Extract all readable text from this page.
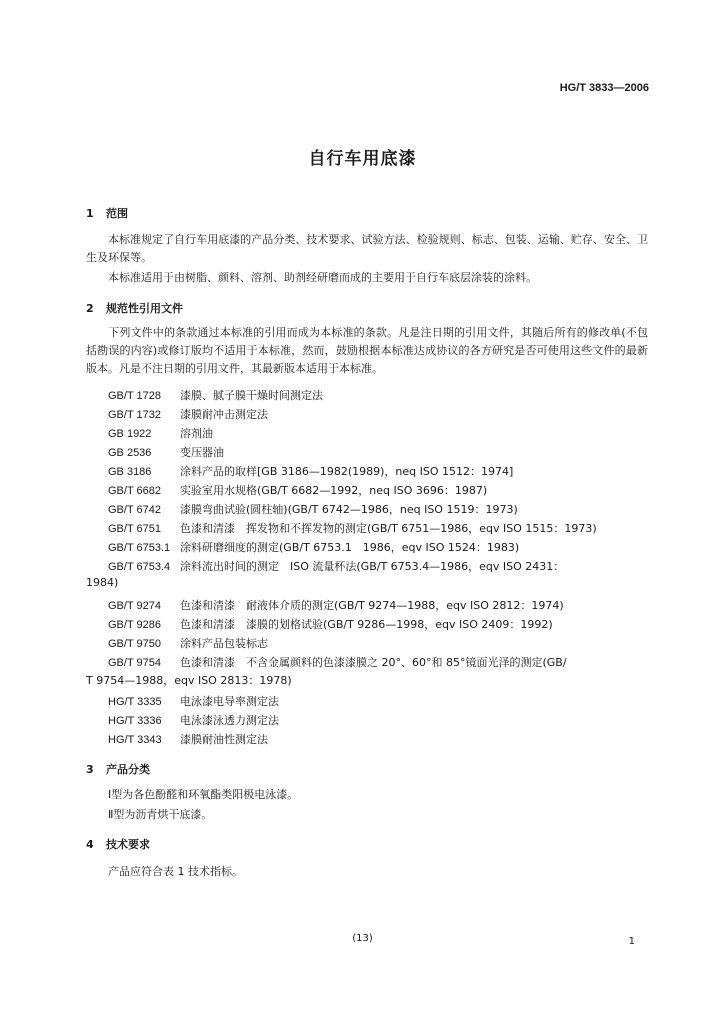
HG/T 3833—2006
自行车用底漆
1 范围
本标准规定了自行车用底漆的产品分类、技术要求、试验方法、检验规则、标志、包装、运输、贮存、安全、卫生及环保等。
本标准适用于由树脂、颜料、溶剂、助剂经研磨而成的主要用于自行车底层涂装的涂料。
2 规范性引用文件
下列文件中的条款通过本标准的引用而成为本标准的条款。凡是注日期的引用文件，其随后所有的修改单(不包括勘误的内容)或修订版均不适用于本标准，然而，鼓励根据本标准达成协议的各方研究是否可使用这些文件的最新版本。凡是不注日期的引用文件，其最新版本适用于本标准。
GB/T 1728 漆膜、腻子膜干燥时间测定法
GB/T 1732 漆膜耐冲击测定法
GB 1922	溶剂油
GB 2536	变压器油
GB 3186	涂料产品的取样[GB 3186—1982(1989)，neq ISO 1512：1974]
GB/T 6682 实验室用水规格(GB/T 6682—1992，neq ISO 3696：1987)
GB/T 6742 漆膜弯曲试验(圆柱轴)(GB/T 6742—1986，neq ISO 1519：1973)
GB/T 6751 色漆和清漆　挥发物和不挥发物的测定(GB/T 6751—1986，eqv ISO 1515：1973)
GB/T 6753.1 涂料研磨细度的测定(GB/T 6753.1　1986，eqv ISO 1524：1983)
GB/T 6753.4 涂料流出时间的测定　ISO 流量杯法(GB/T 6753.4—1986，eqv ISO 2431：
1984)
GB/T 9274 色漆和清漆　耐液体介质的测定(GB/T 9274—1988，eqv ISO 2812：1974)
GB/T 9286 色漆和清漆　漆膜的划格试验(GB/T 9286—1998，eqv ISO 2409：1992)
GB/T 9750 涂料产品包装标志
GB/T 9754 色漆和清漆　不含金属颜料的色漆漆膜之 20°、60°和 85°镜面光泽的测定(GB/
T 9754—1988，eqv ISO 2813：1978)
HG/T 3335 电泳漆电导率测定法
HG/T 3336 电泳漆泳透力测定法
HG/T 3343 漆膜耐油性测定法
3 产品分类
Ⅰ型为各色酚醛和环氧酯类阳极电泳漆。
Ⅱ型为沥青烘干底漆。
4 技术要求
产品应符合表 1 技术指标。
(13)	1
